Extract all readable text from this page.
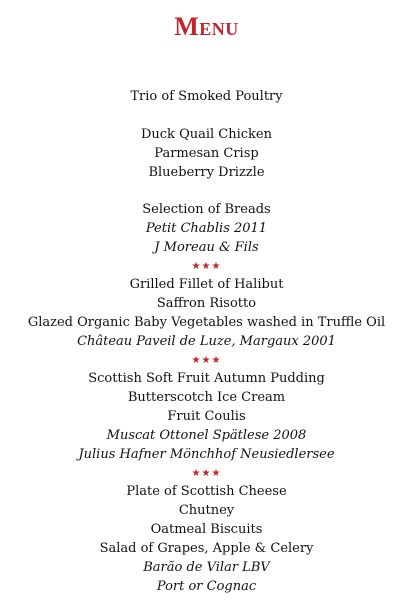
Menu
Trio of Smoked Poultry
Duck Quail Chicken
Parmesan Crisp
Blueberry Drizzle
Selection of Breads
Petit Chablis 2011
J Moreau & Fils
★★★
Grilled Fillet of Halibut
Saffron Risotto
Glazed Organic Baby Vegetables washed in Truffle Oil
Château Paveil de Luze, Margaux 2001
★★★
Scottish Soft Fruit Autumn Pudding
Butterscotch Ice Cream
Fruit Coulis
Muscat Ottonel Spätlese 2008
Julius Hafner Mönchhof Neusiedlersee
★★★
Plate of Scottish Cheese
Chutney
Oatmeal Biscuits
Salad of Grapes, Apple & Celery
Barão de Vilar LBV
Port or Cognac
